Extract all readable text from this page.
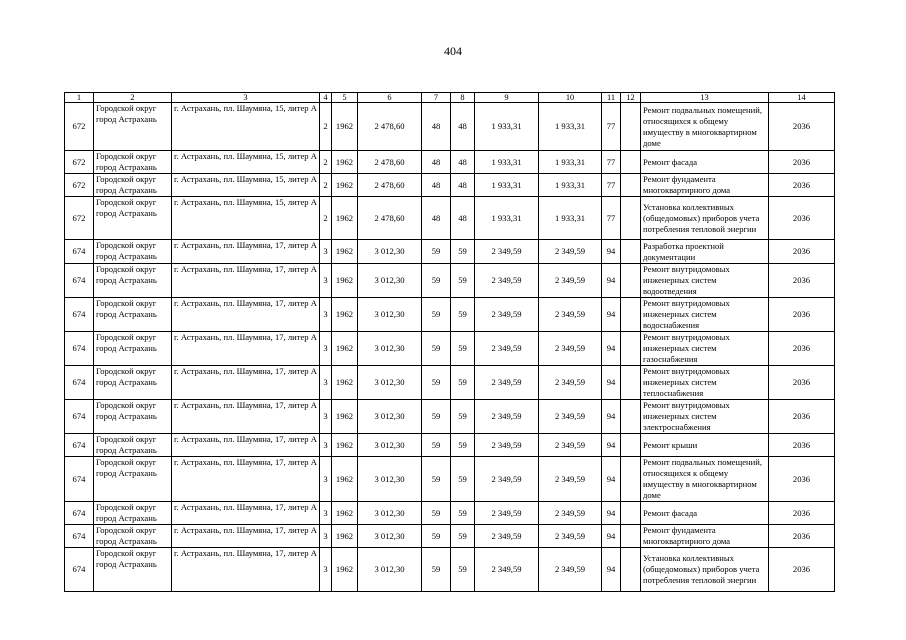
404
1	2	3	4	5	6	7	8	9	10	11	12	13	14
672	Городской округ город Астрахань	г. Астрахань, пл. Шаумяна, 15, литер А	2	1962	2 478,60	48	48	1 933,31	1 933,31	77		Ремонт подвальных помещений, относящихся к общему имуществу в многоквартирном доме	2036
672	Городской округ город Астрахань	г. Астрахань, пл. Шаумяна, 15, литер А	2	1962	2 478,60	48	48	1 933,31	1 933,31	77		Ремонт фасада	2036
672	Городской округ город Астрахань	г. Астрахань, пл. Шаумяна, 15, литер А	2	1962	2 478,60	48	48	1 933,31	1 933,31	77		Ремонт фундамента многоквартирного дома	2036
672	Городской округ город Астрахань	г. Астрахань, пл. Шаумяна, 15, литер А	2	1962	2 478,60	48	48	1 933,31	1 933,31	77		Установка коллективных (общедомовых) приборов учета потребления тепловой энергии	2036
674	Городской округ город Астрахань	г. Астрахань, пл. Шаумяна, 17, литер А	3	1962	3 012,30	59	59	2 349,59	2 349,59	94		Разработка проектной документации	2036
674	Городской округ город Астрахань	г. Астрахань, пл. Шаумяна, 17, литер А	3	1962	3 012,30	59	59	2 349,59	2 349,59	94		Ремонт внутридомовых инженерных систем водоотведения	2036
674	Городской округ город Астрахань	г. Астрахань, пл. Шаумяна, 17, литер А	3	1962	3 012,30	59	59	2 349,59	2 349,59	94		Ремонт внутридомовых инженерных систем водоснабжения	2036
674	Городской округ город Астрахань	г. Астрахань, пл. Шаумяна, 17, литер А	3	1962	3 012,30	59	59	2 349,59	2 349,59	94		Ремонт внутридомовых инженерных систем газоснабжения	2036
674	Городской округ город Астрахань	г. Астрахань, пл. Шаумяна, 17, литер А	3	1962	3 012,30	59	59	2 349,59	2 349,59	94		Ремонт внутридомовых инженерных систем теплоснабжения	2036
674	Городской округ город Астрахань	г. Астрахань, пл. Шаумяна, 17, литер А	3	1962	3 012,30	59	59	2 349,59	2 349,59	94		Ремонт внутридомовых инженерных систем электроснабжения	2036
674	Городской округ город Астрахань	г. Астрахань, пл. Шаумяна, 17, литер А	3	1962	3 012,30	59	59	2 349,59	2 349,59	94		Ремонт крыши	2036
674	Городской округ город Астрахань	г. Астрахань, пл. Шаумяна, 17, литер А	3	1962	3 012,30	59	59	2 349,59	2 349,59	94		Ремонт подвальных помещений, относящихся к общему имуществу в многоквартирном доме	2036
674	Городской округ город Астрахань	г. Астрахань, пл. Шаумяна, 17, литер А	3	1962	3 012,30	59	59	2 349,59	2 349,59	94		Ремонт фасада	2036
674	Городской округ город Астрахань	г. Астрахань, пл. Шаумяна, 17, литер А	3	1962	3 012,30	59	59	2 349,59	2 349,59	94		Ремонт фундамента многоквартирного дома	2036
674	Городской округ город Астрахань	г. Астрахань, пл. Шаумяна, 17, литер А	3	1962	3 012,30	59	59	2 349,59	2 349,59	94		Установка коллективных (общедомовых) приборов учета потребления тепловой энергии	2036
